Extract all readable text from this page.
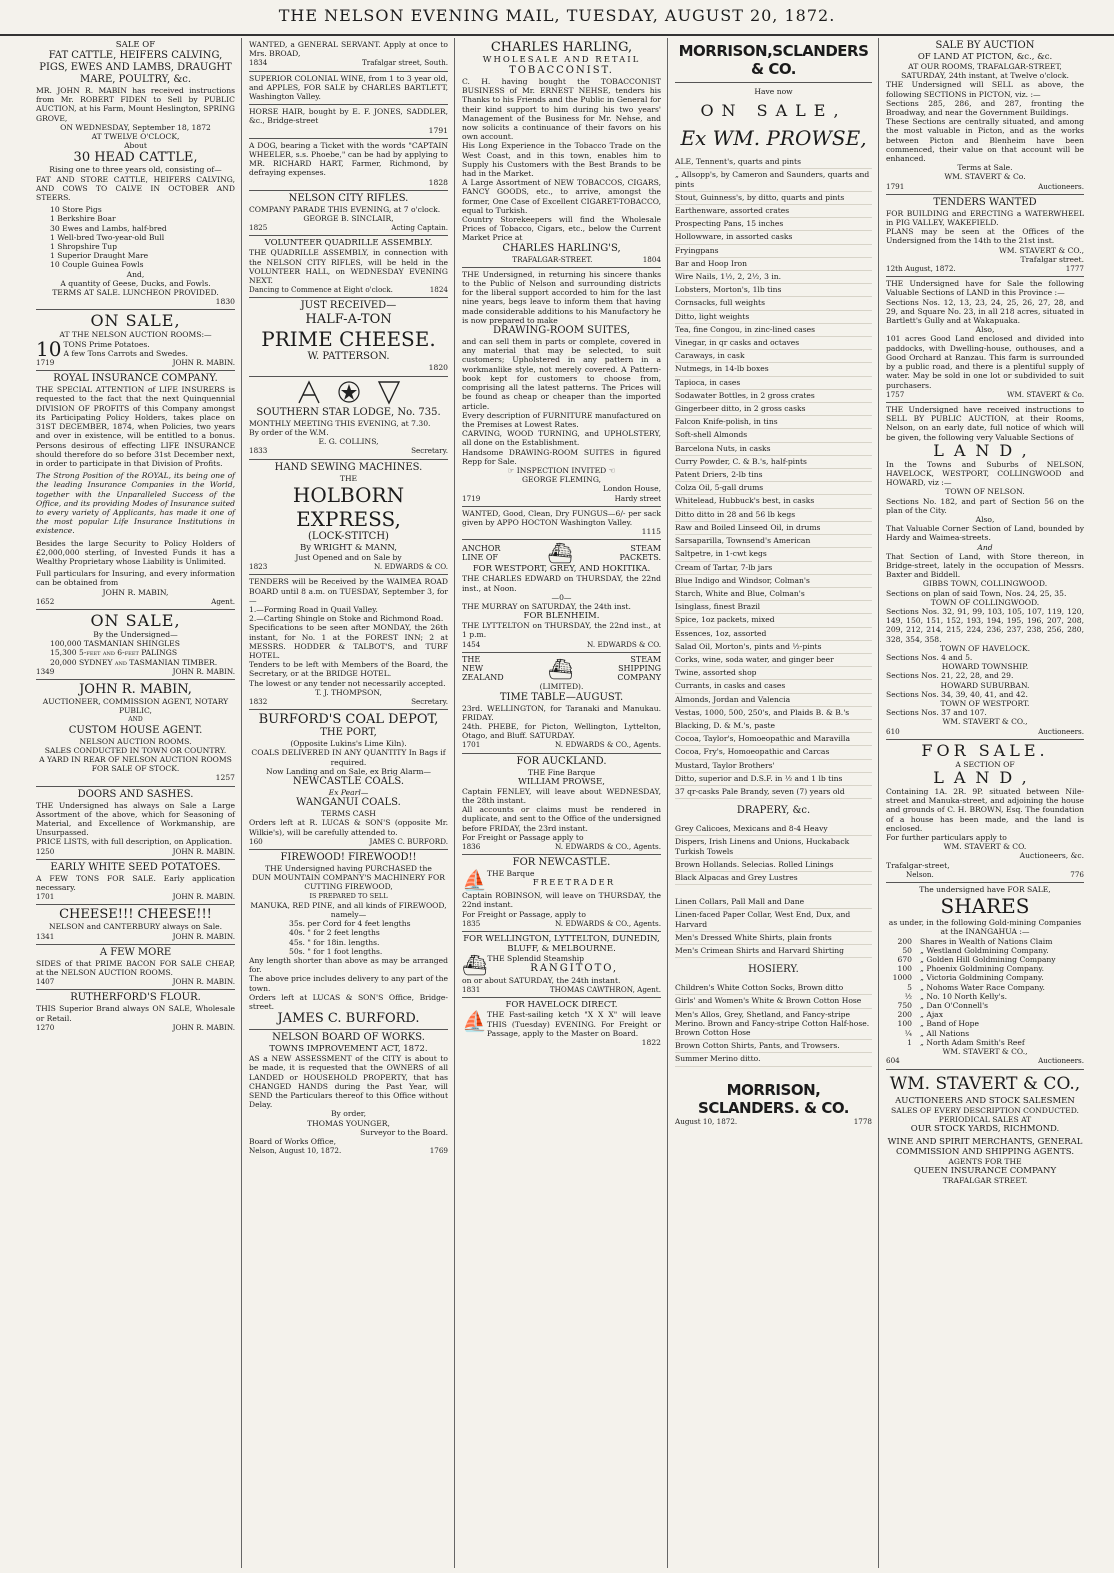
THE NELSON EVENING MAIL, TUESDAY, AUGUST 20, 1872.
SALE OF
FAT CATTLE, HEIFERS CALVING, PIGS, EWES AND LAMBS, DRAUGHT MARE, POULTRY, &c.
MR. JOHN R. MABIN has received instructions from Mr. ROBERT FIDEN to Sell by PUBLIC AUCTION, at his Farm, Mount Heslington, SPRING GROVE,
ON WEDNESDAY, September 18, 1872
AT TWELVE O'CLOCK,
About
30 HEAD CATTLE,
Rising one to three years old, consisting of—
FAT AND STORE CATTLE, HEIFERS CALVING, AND COWS TO CALVE IN OCTOBER AND STEERS.
10 Store Pigs
1 Berkshire Boar
30 Ewes and Lambs, half-bred
1 Well-bred Two-year-old Bull
1 Shropshire Tup
1 Superior Draught Mare
10 Couple Guinea Fowls
And,
A quantity of Geese, Ducks, and Fowls.
TERMS AT SALE. LUNCHEON PROVIDED.
1830
ON SALE,
AT THE NELSON AUCTION ROOMS:—
10 TONS Prime Potatoes.
A few Tons Carrots and Swedes.
1719	JOHN R. MABIN.
ROYAL INSURANCE COMPANY.
THE SPECIAL ATTENTION of LIFE INSURERS is requested to the fact that the next Quinquennial DIVISION OF PROFITS of this Company amongst its Participating Policy Holders, takes place on 31ST DECEMBER, 1874, when Policies, two years and over in existence, will be entitled to a bonus. Persons desirous of effecting LIFE INSURANCE should therefore do so before 31st December next, in order to participate in that Division of Profits.
The Strong Position of the ROYAL, its being one of the leading Insurance Companies in the World, together with the Unparalleled Success of the Office, and its providing Modes of Insurance suited to every variety of Applicants, has made it one of the most popular Life Insurance Institutions in existence.
Besides the large Security to Policy Holders of £2,000,000 sterling, of Invested Funds it has a Wealthy Proprietary whose Liability is Unlimited.
Full particulars for Insuring, and every information can be obtained from
JOHN R. MABIN,
1652	Agent.
ON SALE,
By the Undersigned—
100,000 TASMANIAN SHINGLES
15,300 5-feet and 6-feet PALINGS
20,000 SYDNEY and TASMANIAN TIMBER.
1349	JOHN R. MABIN.
JOHN R. MABIN,
AUCTIONEER, COMMISSION AGENT, NOTARY PUBLIC,
AND
CUSTOM HOUSE AGENT.
NELSON AUCTION ROOMS.
SALES CONDUCTED IN TOWN OR COUNTRY.
A YARD IN REAR OF NELSON AUCTION ROOMS FOR SALE OF STOCK.
1257
DOORS AND SASHES.
THE Undersigned has always on Sale a Large Assortment of the above, which for Seasoning of Material, and Excellence of Workmanship, are Unsurpassed.
PRICE LISTS, with full description, on Application.
1250	JOHN R. MABIN.
EARLY WHITE SEED POTATOES.
A FEW TONS FOR SALE. Early application necessary.
1701	JOHN R. MABIN.
CHEESE!!! CHEESE!!!
NELSON and CANTERBURY always on Sale.
1341	JOHN R. MABIN.
A FEW MORE
SIDES of that PRIME BACON FOR SALE CHEAP, at the NELSON AUCTION ROOMS.
1407	JOHN R. MABIN.
RUTHERFORD'S FLOUR.
THIS Superior Brand always ON SALE, Wholesale or Retail.
1270	JOHN R. MABIN.
WANTED, a GENERAL SERVANT. Apply at once to Mrs. BROAD,
1834	Trafalgar street, South.
SUPERIOR COLONIAL WINE, from 1 to 3 year old, and APPLES, FOR SALE by CHARLES BARTLETT, Washington Valley.
HORSE HAIR, bought by E. F. JONES, SADDLER, &c., Bridge-street
1791
A DOG, bearing a Ticket with the words "CAPTAIN WHEELER, s.s. Phoebe," can be had by applying to MR. RICHARD HART, Farmer, Richmond, by defraying expenses.
1828
NELSON CITY RIFLES.
COMPANY PARADE THIS EVENING, at 7 o'clock.
GEORGE B. SINCLAIR,
1825	Acting Captain.
VOLUNTEER QUADRILLE ASSEMBLY.
THE QUADRILLE ASSEMBLY, in connection with the NELSON CITY RIFLES, will be held in the VOLUNTEER HALL, on WEDNESDAY EVENING NEXT.
Dancing to Commence at Eight o'clock.	1824
JUST RECEIVED—
HALF-A-TON
PRIME CHEESE.
W. PATTERSON.
1820
SOUTHERN STAR LODGE, No. 735.
MONTHLY MEETING THIS EVENING, at 7.30.
By order of the W.M.
E. G. COLLINS,
1833	Secretary.
HAND SEWING MACHINES.
THE
HOLBORN EXPRESS,
(LOCK-STITCH)
By WRIGHT & MANN,
Just Opened and on Sale by
1823	N. EDWARDS & CO.
TENDERS will be Received by the WAIMEA ROAD BOARD until 8 a.m. on TUESDAY, September 3, for—
1.—Forming Road in Quail Valley.
2.—Carting Shingle on Stoke and Richmond Road.
Specifications to be seen after MONDAY, the 26th instant, for No. 1 at the FOREST INN; 2 at MESSRS. HODDER & TALBOT'S, and TURF HOTEL.
Tenders to be left with Members of the Board, the Secretary, or at the BRIDGE HOTEL.
The lowest or any tender not necessarily accepted.
T. J. THOMPSON,
1832	Secretary.
BURFORD'S COAL DEPOT,
THE PORT,
(Opposite Lukins's Lime Kiln).
COALS DELIVERED IN ANY QUANTITY In Bags if required.
Now Landing and on Sale, ex Brig Alarm—
NEWCASTLE COALS.
Ex Pearl—
WANGANUI COALS.
TERMS CASH
Orders left at R. LUCAS & SON'S (opposite Mr. Wilkie's), will be carefully attended to.
160	JAMES C. BURFORD.
FIREWOOD! FIREWOOD!!
THE Undersigned having PURCHASED the
DUN MOUNTAIN COMPANY'S MACHINERY FOR CUTTING FIREWOOD,
IS PREPARED TO SELL
MANUKA, RED PINE, and all kinds of FIREWOOD, namely—
35s. per Cord for 4 feet lengths
40s. " for 2 feet lengths
45s. " for 18in. lengths.
50s. " for 1 foot lengths.
Any length shorter than above as may be arranged for.
The above price includes delivery to any part of the town.
Orders left at LUCAS & SON'S Office, Bridge-street.
JAMES C. BURFORD.
NELSON BOARD OF WORKS.
TOWNS IMPROVEMENT ACT, 1872.
AS a NEW ASSESSMENT of the CITY is about to be made, it is requested that the OWNERS of all LANDED or HOUSEHOLD PROPERTY, that has CHANGED HANDS during the Past Year, will SEND the Particulars thereof to this Office without Delay.
By order,
THOMAS YOUNGER,
Surveyor to the Board.
Board of Works Office,
Nelson, August 10, 1872.	1769
CHARLES HARLING,
WHOLESALE AND RETAIL
TOBACCONIST.
C. H. having bought the TOBACCONIST BUSINESS of Mr. ERNEST NEHSE, tenders his Thanks to his Friends and the Public in General for their kind support to him during his two years' Management of the Business for Mr. Nehse, and now solicits a continuance of their favors on his own account.
His Long Experience in the Tobacco Trade on the West Coast, and in this town, enables him to Supply his Customers with the Best Brands to be had in the Market.
A Large Assortment of NEW TOBACCOS, CIGARS, FANCY GOODS, etc., to arrive, amongst the former, One Case of Excellent CIGARET-TOBACCO, equal to Turkish.
Country Storekeepers will find the Wholesale Prices of Tobacco, Cigars, etc., below the Current Market Price at
CHARLES HARLING'S,
TRAFALGAR-STREET.	1804
THE Undersigned, in returning his sincere thanks to the Public of Nelson and surrounding districts for the liberal support accorded to him for the last nine years, begs leave to inform them that having made considerable additions to his Manufactory he is now prepared to make
DRAWING-ROOM SUITES,
and can sell them in parts or complete, covered in any material that may be selected, to suit customers; Upholstered in any pattern in a workmanlike style, not merely covered. A Pattern-book kept for customers to choose from, comprising all the latest patterns. The Prices will be found as cheap or cheaper than the imported article.
Every description of FURNITURE manufactured on the Premises at Lowest Rates.
CARVING, WOOD TURNING, and UPHOLSTERY, all done on the Establishment.
Handsome DRAWING-ROOM SUITES in figured Repp for Sale.
☞ INSPECTION INVITED ☜
GEORGE FLEMING,
London House,
1719	Hardy street
WANTED, Good, Clean, Dry FUNGUS—6/- per sack given by APPO HOCTON Washington Valley.
1115
ANCHOR
LINE OF ⛴	STEAM
PACKETS.
FOR WESTPORT, GREY, AND HOKITIKA.
THE CHARLES EDWARD on THURSDAY, the 22nd inst., at Noon.
—0—
THE MURRAY on SATURDAY, the 24th inst.
FOR BLENHEIM.
THE LYTTELTON on THURSDAY, the 22nd inst., at 1 p.m.
1454	N. EDWARDS & CO.
THE
NEW
ZEALAND ⛴	STEAM
SHIPPING
COMPANY
(LIMITED).
TIME TABLE—AUGUST.
23rd. WELLINGTON, for Taranaki and Manukau. FRIDAY.
24th. PHEBE, for Picton, Wellington, Lyttelton, Otago, and Bluff. SATURDAY.
1701	N. EDWARDS & CO., Agents.
FOR AUCKLAND.
THE Fine Barque
WILLIAM PROWSE,
Captain FENLEY, will leave about WEDNESDAY, the 28th instant.
All accounts or claims must be rendered in duplicate, and sent to the Office of the undersigned before FRIDAY, the 23rd instant.
For Freight or Passage apply to
1836	N. EDWARDS & CO., Agents.
FOR NEWCASTLE.
⛵ THE Barque
FREETRADER
Captain ROBINSON, will leave on THURSDAY, the 22nd instant.
For Freight or Passage, apply to
1835	N. EDWARDS & CO., Agents.
FOR WELLINGTON, LYTTELTON, DUNEDIN, BLUFF, & MELBOURNE.
⛴ THE Splendid Steamship
RANGITOTO,
on or about SATURDAY, the 24th instant.
1831	THOMAS CAWTHRON, Agent.
FOR HAVELOCK DIRECT.
⛵ THE Fast-sailing ketch "X X X" will leave THIS (Tuesday) EVENING. For Freight or Passage, apply to the Master on Board.
1822
MORRISON,SCLANDERS & CO.
Have now
ON SALE,
Ex WM. PROWSE,
ALE, Tennent's, quarts and pints
„ Allsopp's, by Cameron and Saunders, quarts and pints
Stout, Guinness's, by ditto, quarts and pints
Earthenware, assorted crates
Prospecting Pans, 15 inches
Hollowware, in assorted casks
Fryingpans
Bar and Hoop Iron
Wire Nails, 1½, 2, 2½, 3 in.
Lobsters, Morton's, 1lb tins
Cornsacks, full weights
Ditto, light weights
Tea, fine Congou, in zinc-lined cases
Vinegar, in qr casks and octaves
Caraways, in cask
Nutmegs, in 14-lb boxes
Tapioca, in cases
Sodawater Bottles, in 2 gross crates
Gingerbeer ditto, in 2 gross casks
Falcon Knife-polish, in tins
Soft-shell Almonds
Barcelona Nuts, in casks
Curry Powder, C. & B.'s, half-pints
Patent Driers, 2-lb tins
Colza Oil, 5-gall drums
Whitelead, Hubbuck's best, in casks
Ditto ditto in 28 and 56 lb kegs
Raw and Boiled Linseed Oil, in drums
Sarsaparilla, Townsend's American
Saltpetre, in 1-cwt kegs
Cream of Tartar, 7-lb jars
Blue Indigo and Windsor, Colman's
Starch, White and Blue, Colman's
Isinglass, finest Brazil
Spice, 1oz packets, mixed
Essences, 1oz, assorted
Salad Oil, Morton's, pints and ½-pints
Corks, wine, soda water, and ginger beer
Twine, assorted shop
Currants, in casks and cases
Almonds, Jordan and Valencia
Vestas, 1000, 500, 250's, and Plaids B. & B.'s
Blacking, D. & M.'s, paste
Cocoa, Taylor's, Homoeopathic and Maravilla
Cocoa, Fry's, Homoeopathic and Carcas
Mustard, Taylor Brothers'
Ditto, superior and D.S.F. in ½ and 1 lb tins
37 qr-casks Pale Brandy, seven (7) years old
DRAPERY, &c.
Grey Calicoes, Mexicans and 8-4 Heavy
Dispers, Irish Linens and Unions, Huckaback Turkish Towels
Brown Hollands. Selecias. Rolled Linings
Black Alpacas and Grey Lustres
Linen Collars, Pall Mall and Dane
Linen-faced Paper Collar, West End, Dux, and Harvard
Men's Dressed White Shirts, plain fronts
Men's Crimean Shirts and Harvard Shirting
HOSIERY.
Children's White Cotton Socks, Brown ditto
Girls' and Women's White & Brown Cotton Hose
Men's Allos, Grey, Shetland, and Fancy-stripe Merino. Brown and Fancy-stripe Cotton Half-hose. Brown Cotton Hose
Brown Cotton Shirts, Pants, and Trowsers.
Summer Merino ditto.
MORRISON, SCLANDERS. & CO.
August 10, 1872.	1778
SALE BY AUCTION
OF LAND AT PICTON, &c., &c.
AT OUR ROOMS, TRAFALGAR-STREET,
SATURDAY, 24th instant, at Twelve o'clock.
THE Undersigned will SELL as above, the following SECTIONS in PICTON, viz. :—
Sections 285, 286, and 287, fronting the Broadway, and near the Government Buildings.
These Sections are centrally situated, and among the most valuable in Picton, and as the works between Picton and Blenheim have been commenced, their value on that account will be enhanced.
Terms at Sale.
WM. STAVERT & Co.
1791	Auctioneers.
TENDERS WANTED
FOR BUILDING and ERECTING a WATERWHEEL in PIG VALLEY, WAKEFIELD.
PLANS may be seen at the Offices of the Undersigned from the 14th to the 21st inst.
WM. STAVERT & CO.,
Trafalgar street.
12th August, 1872.	1777
THE Undersigned have for Sale the following Valuable Sections of LAND in this Province :—
Sections Nos. 12, 13, 23, 24, 25, 26, 27, 28, and 29, and Square No. 23, in all 218 acres, situated in Bartlett's Gully and at Wakapuaka.
Also,
101 acres Good Land enclosed and divided into paddocks, with Dwelling-house, outhouses, and a Good Orchard at Ranzau. This farm is surrounded by a public road, and there is a plentiful supply of water. May be sold in one lot or subdivided to suit purchasers.
1757	WM. STAVERT & Co.
THE Undersigned have received instructions to SELL BY PUBLIC AUCTION, at their Rooms, Nelson, on an early date, full notice of which will be given, the following very Valuable Sections of
LAND,
In the Towns and Suburbs of NELSON, HAVELOCK, WESTPORT, COLLINGWOOD and HOWARD, viz :—
TOWN OF NELSON.
Sections No. 182, and part of Section 56 on the plan of the City.
Also,
That Valuable Corner Section of Land, bounded by Hardy and Waimea-streets.
And
That Section of Land, with Store thereon, in Bridge-street, lately in the occupation of Messrs. Baxter and Biddell.
GIBBS TOWN, COLLINGWOOD.
Sections on plan of said Town, Nos. 24, 25, 35.
TOWN OF COLLINGWOOD.
Sections Nos. 32, 91, 99, 103, 105, 107, 119, 120, 149, 150, 151, 152, 193, 194, 195, 196, 207, 208, 209, 212, 214, 215, 224, 236, 237, 238, 256, 280, 328, 354, 358.
TOWN OF HAVELOCK.
Sections Nos. 4 and 5.
HOWARD TOWNSHIP.
Sections Nos. 21, 22, 28, and 29.
HOWARD SUBURBAN.
Sections Nos. 34, 39, 40, 41, and 42.
TOWN OF WESTPORT.
Sections Nos. 37 and 107.
WM. STAVERT & CO.,
610	Auctioneers.
FOR SALE.
A SECTION OF
LAND,
Containing 1A. 2R. 9P. situated between Nile-street and Manuka-street, and adjoining the house and grounds of C. H. BROWN, Esq. The foundation of a house has been made, and the land is enclosed.
For further particulars apply to
WM. STAVERT & CO.
Auctioneers, &c.
Trafalgar-street,
Nelson.	776
The undersigned have FOR SALE,
SHARES
as under, in the following Gold-mining Companies at the INANGAHUA :—
200 Shares in Wealth of Nations Claim
50 „ Westland Goldmining Company.
670 „ Golden Hill Goldmining Company
100 „ Phoenix Goldmining Company.
1000 „ Victoria Goldmining Company.
5 „ Nohoms Water Race Company.
½ „ No. 10 North Kelly's.
750 „ Dan O'Connell's
200 „ Ajax
100 „ Band of Hope
¼ „ All Nations
1 „ North Adam Smith's Reef
WM. STAVERT & CO.,
604	Auctioneers.
WM. STAVERT & CO.,
AUCTIONEERS AND STOCK SALESMEN
SALES OF EVERY DESCRIPTION CONDUCTED.
PERIODICAL SALES AT
OUR STOCK YARDS, RICHMOND.
WINE AND SPIRIT MERCHANTS, GENERAL COMMISSION AND SHIPPING AGENTS.
AGENTS FOR THE
QUEEN INSURANCE COMPANY
TRAFALGAR STREET.
